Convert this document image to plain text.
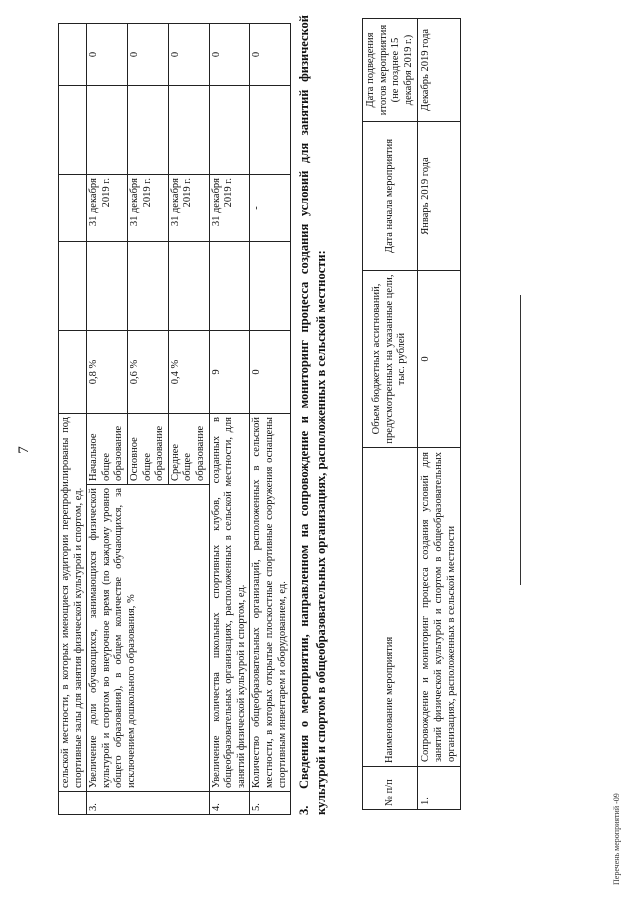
7
		сельской местности, в которых имеющиеся аудитории перепрофилированы под спортивные залы для занятия физической культурой и спортом, ед.						
3.	Увеличение доли обучающихся, занимающихся физической культурой и спортом во внеурочное время (по каждому уровню общего образования), в общем количестве обучающихся, за исключением дошкольного образования, %	Начальное общее образование	0,8 %		31 декабря 2019 г.		0
		Основное общее образование	0,6 %		31 декабря 2019 г.		0
		Среднее общее образование	0,4 %		31 декабря 2019 г.		0
4.	Увеличение количества школьных спортивных клубов, созданных в общеобразовательных организациях, расположенных в сельской местности, для занятий физической культурой и спортом, ед.		9		31 декабря 2019 г.		0
5.	Количество общеобразовательных организаций, расположенных в сельской местности, в которых открытые плоскостные спортивные сооружения оснащены спортивным инвентарем и оборудованием, ед.		0		-		0
3.Сведения о мероприятии, направленном на сопровождение и мониторинг процесса создания условий для занятий физической культурой и спортом в общеобразовательных организациях, расположенных в сельской местности:	№ п/п	Наименование мероприятия	Объем бюджетных ассигнований, предусмотренных на указанные цели, тыс. рублей	Дата начала мероприятия	Дата подведения итогов мероприятия (не позднее 15 декабря 2019 г.)
1.	Сопровождение и мониторинг процесса создания условий для занятий физической культурой и спортом в общеобразовательных организациях, расположенных в сельской местности	0	Январь 2019 года	Декабрь 2019 года
Перечень мероприятий -09
